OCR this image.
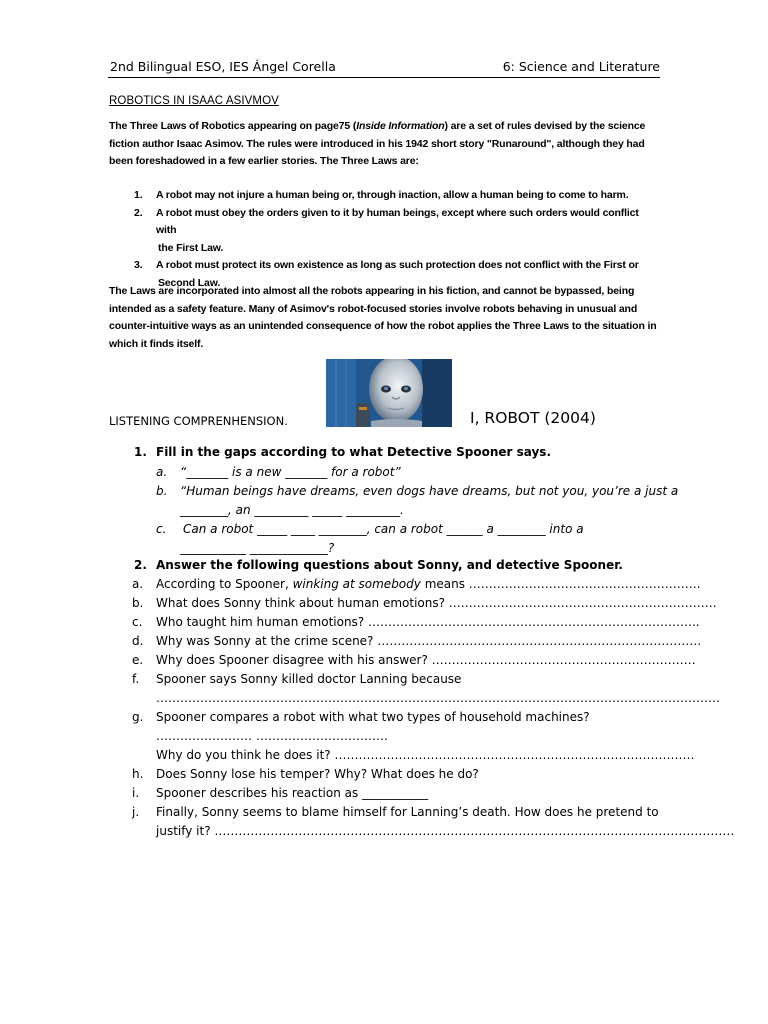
2nd Bilingual ESO, IES Ángel Corella	6: Science and Literature
ROBOTICS IN ISAAC ASIVMOV
The Three Laws of Robotics appearing on page75 (Inside Information) are a set of rules devised by the science
fiction author Isaac Asimov. The rules were introduced in his 1942 short story "Runaround", although they had
been foreshadowed in a few earlier stories. The Three Laws are:
1. A robot may not injure a human being or, through inaction, allow a human being to come to harm.
2. A robot must obey the orders given to it by human beings, except where such orders would conflict with
the First Law.
3. A robot must protect its own existence as long as such protection does not conflict with the First or
Second Law.
The Laws are incorporated into almost all the robots appearing in his fiction, and cannot be bypassed, being
intended as a safety feature. Many of Asimov's robot-focused stories involve robots behaving in unusual and
counter-intuitive ways as an unintended consequence of how the robot applies the Three Laws to the situation in
which it finds itself.
LISTENING COMPRENHENSION.	I, ROBOT (2004)
1. Fill in the gaps according to what Detective Spooner says.
a. “_______ is a new _______ for a robot”
b. “Human beings have dreams, even dogs have dreams, but not you, you’re a just a
________, an _________ _____ _________.
c. Can a robot _____ ____ ________, can a robot ______ a ________ into a
___________ _____________?
2. Answer the following questions about Sonny, and detective Spooner.
a. According to Spooner, winking at somebody means ………………………………………………….
b. What does Sonny think about human emotions? ………………………………………………………….
c. Who taught him human emotions? ………………………………………………………………………..
d. Why was Sonny at the crime scene? ………………………………………………………………………
e. Why does Spooner disagree with his answer? …………………………………………………………
f. Spooner says Sonny killed doctor Lanning because
……………………………………………………………………………………………………………………………
g. Spooner compares a robot with what two types of household machines?
…………………… ……………………………
Why do you think he does it? ………………………………………………………………………………
h. Does Sonny lose his temper? Why? What does he do?
i. Spooner describes his reaction as ___________
j. Finally, Sonny seems to blame himself for Lanning’s death. How does he pretend to
justify it? ………………………………………………………………………………………………………………….
